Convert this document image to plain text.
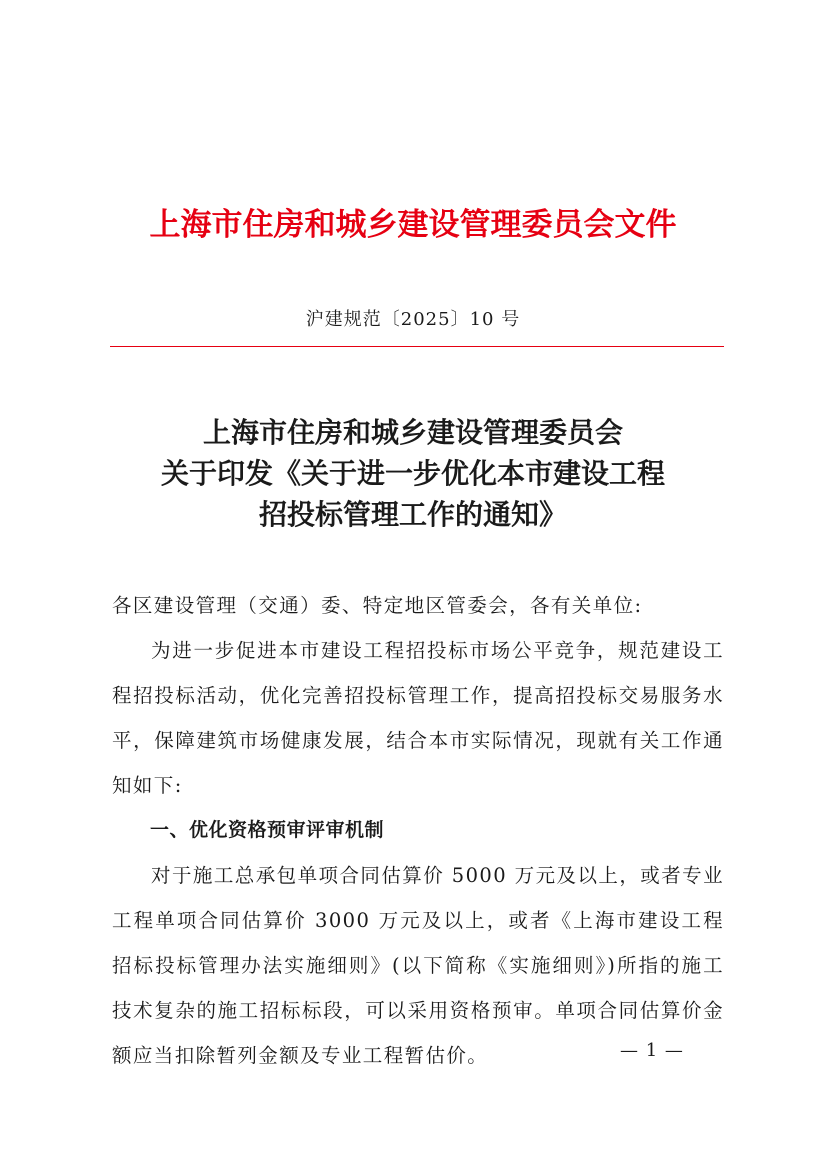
上海市住房和城乡建设管理委员会文件
沪建规范〔2025〕10 号
上海市住房和城乡建设管理委员会
关于印发《关于进一步优化本市建设工程
招投标管理工作的通知》

各区建设管理（交通）委、特定地区管委会，各有关单位:

为进一步促进本市建设工程招投标市场公平竞争，规范建设工程招投标活动，优化完善招投标管理工作，提高招投标交易服务水平，保障建筑市场健康发展，结合本市实际情况，现就有关工作通知如下:

一、优化资格预审评审机制

对于施工总承包单项合同估算价 5000 万元及以上，或者专业工程单项合同估算价 3000 万元及以上，或者《上海市建设工程招标投标管理办法实施细则》(以下简称《实施细则》)所指的施工技术复杂的施工招标标段，可以采用资格预审。单项合同估算价金额应当扣除暂列金额及专业工程暂估价。	— 1 —
